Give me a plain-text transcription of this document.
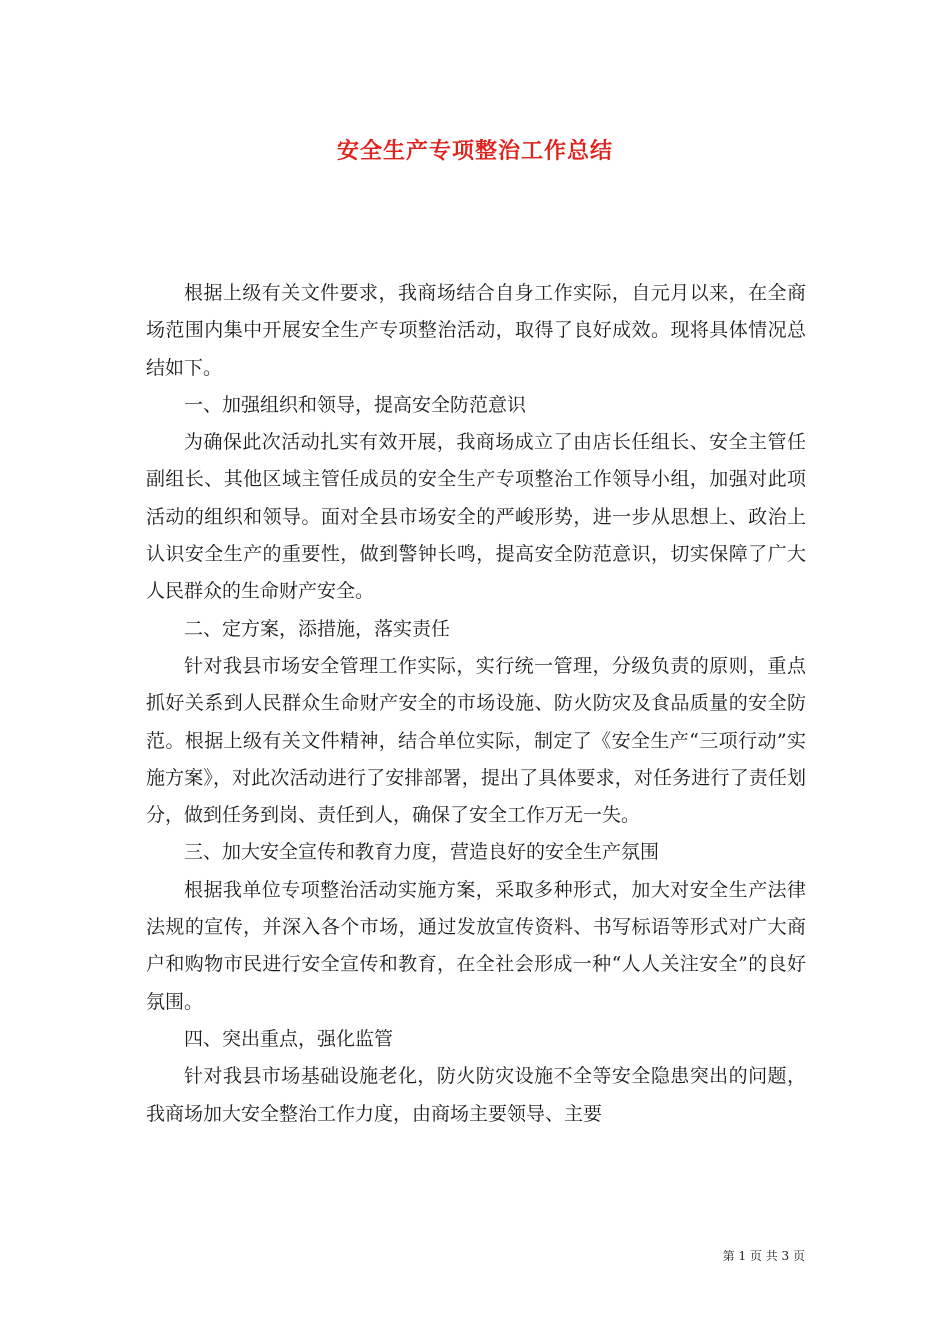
安全生产专项整治工作总结

根据上级有关文件要求，我商场结合自身工作实际，自元月以来，在全商场范围内集中开展安全生产专项整治活动，取得了良好成效。现将具体情况总结如下。

一、加强组织和领导，提高安全防范意识

为确保此次活动扎实有效开展，我商场成立了由店长任组长、安全主管任副组长、其他区域主管任成员的安全生产专项整治工作领导小组，加强对此项活动的组织和领导。面对全县市场安全的严峻形势，进一步从思想上、政治上认识安全生产的重要性，做到警钟长鸣，提高安全防范意识，切实保障了广大人民群众的生命财产安全。

二、定方案，添措施，落实责任

针对我县市场安全管理工作实际，实行统一管理，分级负责的原则，重点抓好关系到人民群众生命财产安全的市场设施、防火防灾及食品质量的安全防范。根据上级有关文件精神，结合单位实际，制定了《安全生产“三项行动”实施方案》，对此次活动进行了安排部署，提出了具体要求，对任务进行了责任划分，做到任务到岗、责任到人，确保了安全工作万无一失。

三、加大安全宣传和教育力度，营造良好的安全生产氛围

根据我单位专项整治活动实施方案，采取多种形式，加大对安全生产法律法规的宣传，并深入各个市场，通过发放宣传资料、书写标语等形式对广大商户和购物市民进行安全宣传和教育，在全社会形成一种“人人关注安全”的良好氛围。

四、突出重点，强化监管

针对我县市场基础设施老化，防火防灾设施不全等安全隐患突出的问题，我商场加大安全整治工作力度，由商场主要领导、主要

第 1 页 共 3 页
